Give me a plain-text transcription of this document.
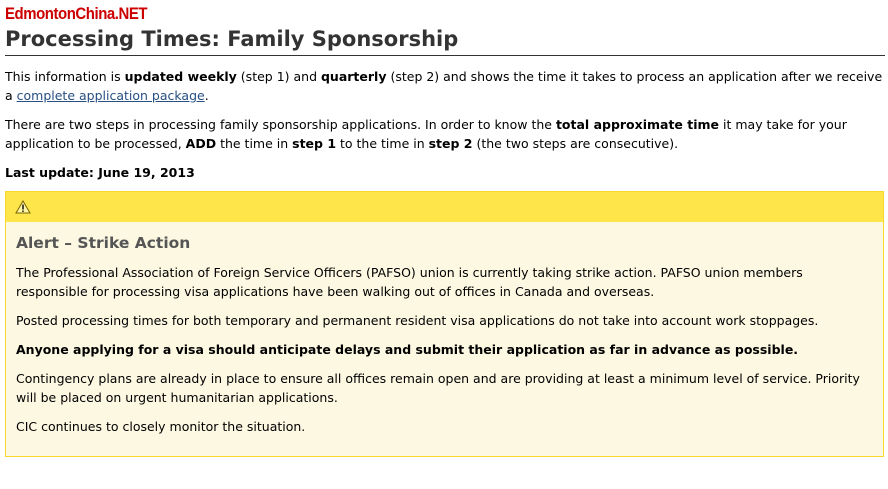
EdmontonChina.NET
Processing Times: Family Sponsorship

This information is updated weekly (step 1) and quarterly (step 2) and shows the time it takes to process an application after we receive a complete application package.

There are two steps in processing family sponsorship applications. In order to know the total approximate time it may take for your application to be processed, ADD the time in step 1 to the time in step 2 (the two steps are consecutive).

Last update: June 19, 2013

Alert – Strike Action

The Professional Association of Foreign Service Officers (PAFSO) union is currently taking strike action. PAFSO union members responsible for processing visa applications have been walking out of offices in Canada and overseas.

Posted processing times for both temporary and permanent resident visa applications do not take into account work stoppages.

Anyone applying for a visa should anticipate delays and submit their application as far in advance as possible.

Contingency plans are already in place to ensure all offices remain open and are providing at least a minimum level of service. Priority will be placed on urgent humanitarian applications.

CIC continues to closely monitor the situation.
